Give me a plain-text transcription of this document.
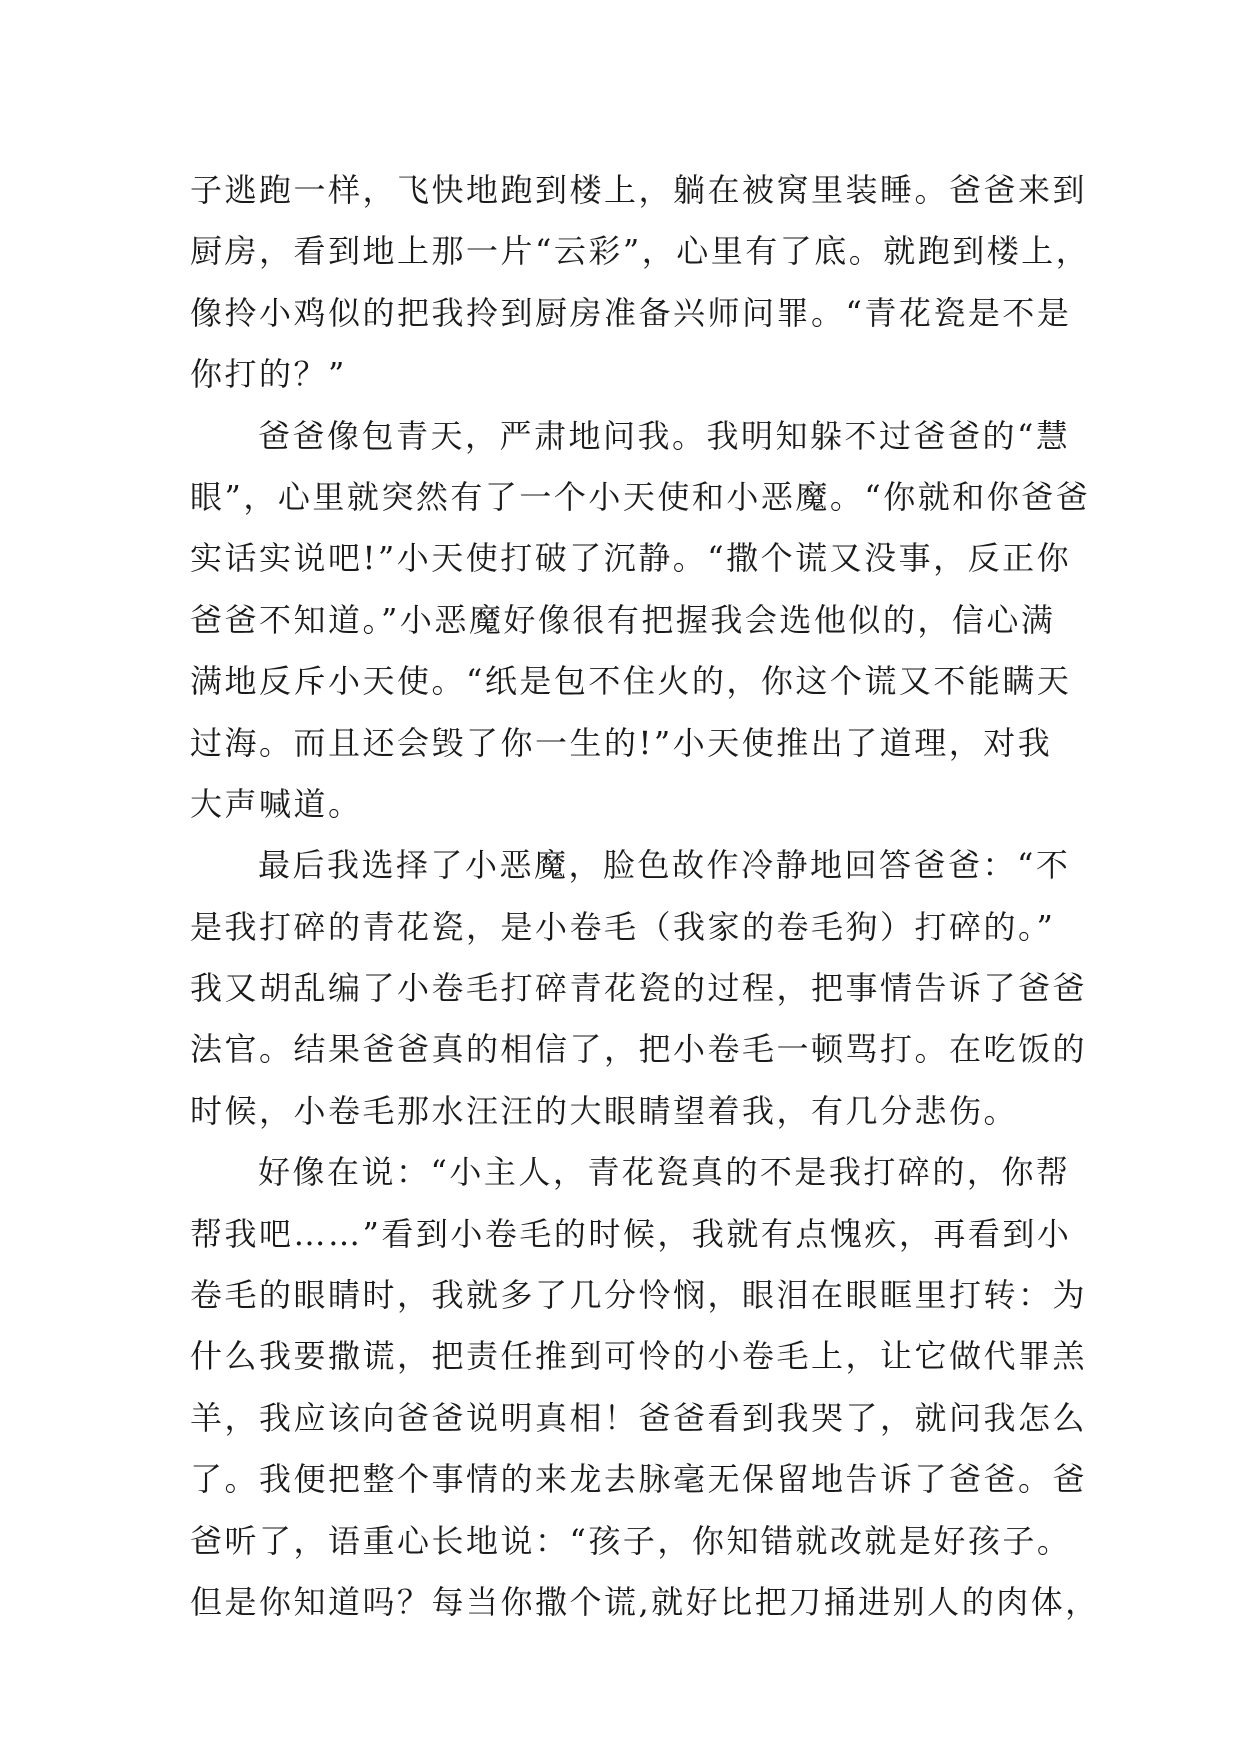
子逃跑一样，飞快地跑到楼上，躺在被窝里装睡。爸爸来到
厨房，看到地上那一片“云彩”，心里有了底。就跑到楼上，
像拎小鸡似的把我拎到厨房准备兴师问罪。“青花瓷是不是
你打的？”
爸爸像包青天，严肃地问我。我明知躲不过爸爸的“慧
眼”，心里就突然有了一个小天使和小恶魔。“你就和你爸爸
实话实说吧!”小天使打破了沉静。“撒个谎又没事，反正你
爸爸不知道。”小恶魔好像很有把握我会选他似的，信心满
满地反斥小天使。“纸是包不住火的，你这个谎又不能瞒天
过海。而且还会毁了你一生的!”小天使推出了道理，对我
大声喊道。
最后我选择了小恶魔，脸色故作冷静地回答爸爸：“不
是我打碎的青花瓷，是小卷毛（我家的卷毛狗）打碎的。”
我又胡乱编了小卷毛打碎青花瓷的过程，把事情告诉了爸爸
法官。结果爸爸真的相信了，把小卷毛一顿骂打。在吃饭的
时候，小卷毛那水汪汪的大眼睛望着我，有几分悲伤。
好像在说：“小主人，青花瓷真的不是我打碎的，你帮
帮我吧……”看到小卷毛的时候，我就有点愧疚，再看到小
卷毛的眼睛时，我就多了几分怜悯，眼泪在眼眶里打转：为
什么我要撒谎，把责任推到可怜的小卷毛上，让它做代罪羔
羊，我应该向爸爸说明真相！爸爸看到我哭了，就问我怎么
了。我便把整个事情的来龙去脉毫无保留地告诉了爸爸。爸
爸听了，语重心长地说：“孩子，你知错就改就是好孩子。
但是你知道吗？每当你撒个谎,就好比把刀捅进别人的肉体，
